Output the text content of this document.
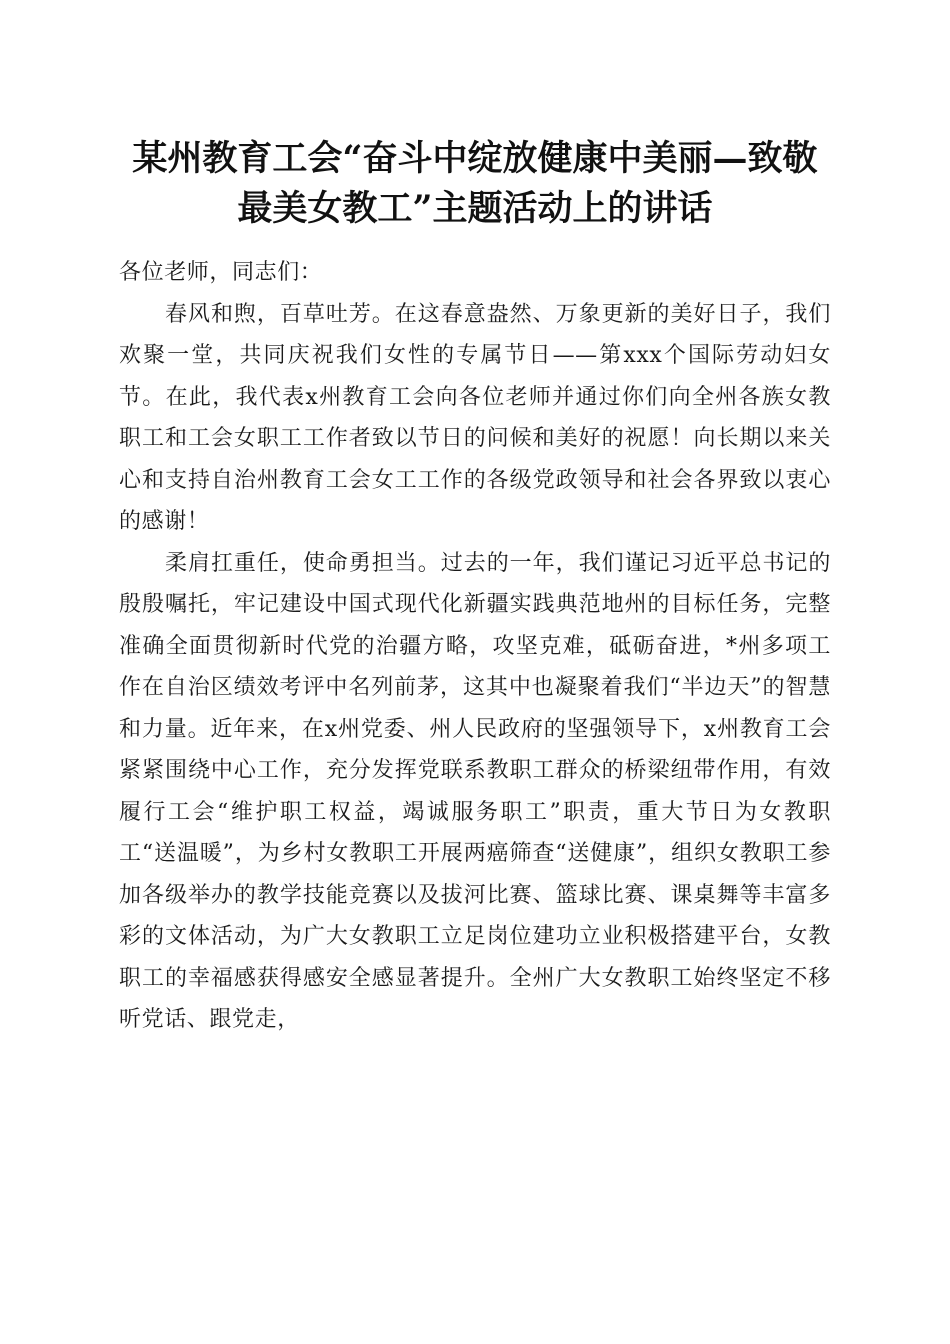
某州教育工会“奋斗中绽放健康中美丽—致敬
最美女教工”主题活动上的讲话

各位老师，同志们：

春风和煦，百草吐芳。在这春意盎然、万象更新的美好日子，我们欢聚一堂，共同庆祝我们女性的专属节日——第xxx个国际劳动妇女节。在此，我代表x州教育工会向各位老师并通过你们向全州各族女教职工和工会女职工工作者致以节日的问候和美好的祝愿！向长期以来关心和支持自治州教育工会女工工作的各级党政领导和社会各界致以衷心的感谢！

柔肩扛重任，使命勇担当。过去的一年，我们谨记习近平总书记的殷殷嘱托，牢记建设中国式现代化新疆实践典范地州的目标任务，完整准确全面贯彻新时代党的治疆方略，攻坚克难，砥砺奋进，*州多项工作在自治区绩效考评中名列前茅，这其中也凝聚着我们“半边天”的智慧和力量。近年来，在x州党委、州人民政府的坚强领导下，x州教育工会紧紧围绕中心工作，充分发挥党联系教职工群众的桥梁纽带作用，有效履行工会“维护职工权益，竭诚服务职工”职责，重大节日为女教职工“送温暖”，为乡村女教职工开展两癌筛查“送健康”，组织女教职工参加各级举办的教学技能竞赛以及拔河比赛、篮球比赛、课桌舞等丰富多彩的文体活动，为广大女教职工立足岗位建功立业积极搭建平台，女教职工的幸福感获得感安全感显著提升。全州广大女教职工始终坚定不移听党话、跟党走，
